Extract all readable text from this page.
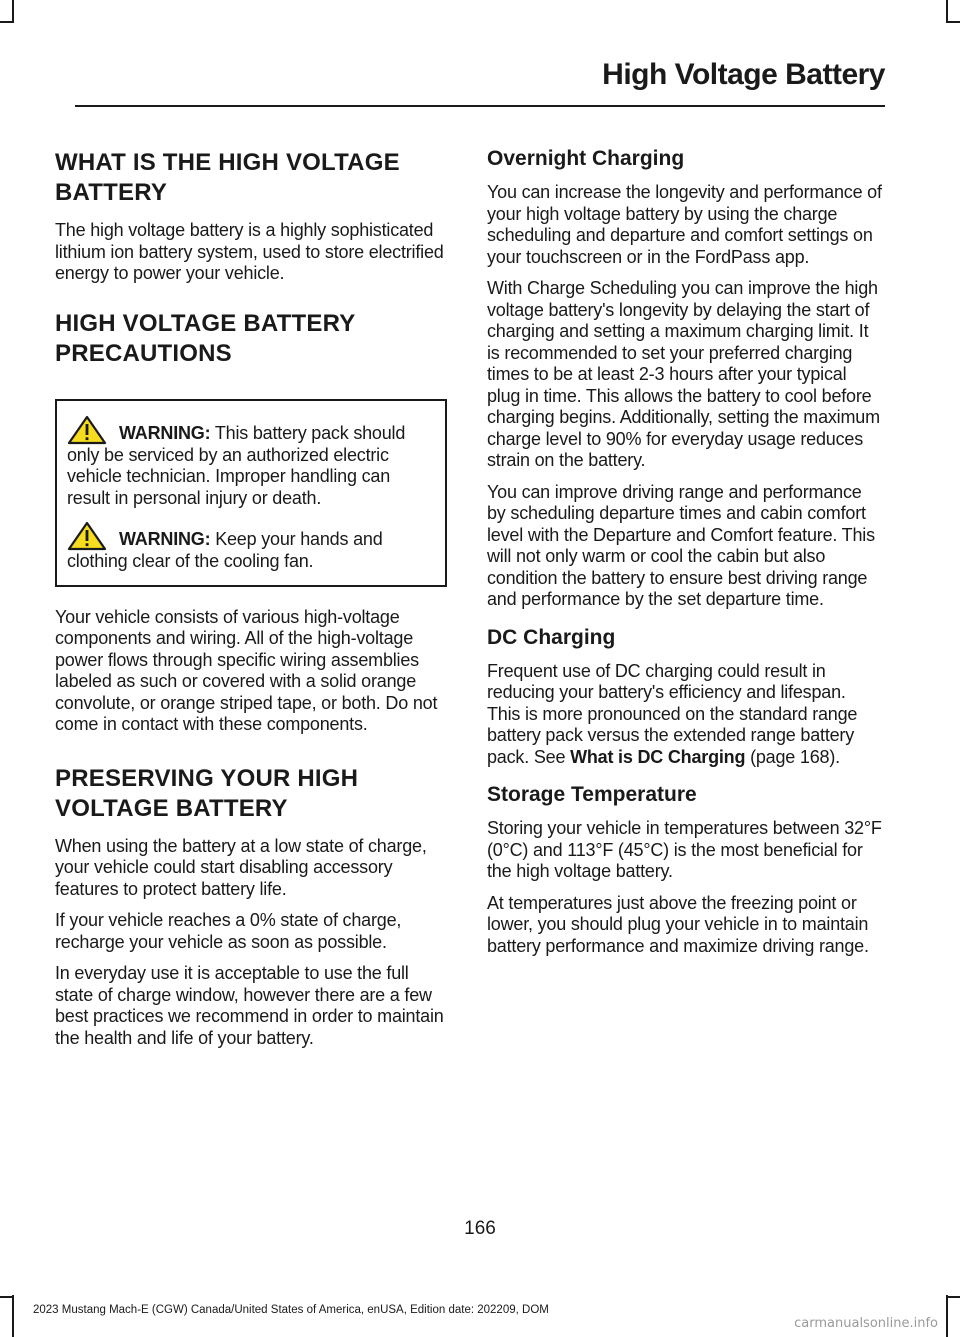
High Voltage Battery
WHAT IS THE HIGH VOLTAGE BATTERY

The high voltage battery is a highly sophisticated lithium ion battery system, used to store electrified energy to power your vehicle.

HIGH VOLTAGE BATTERY PRECAUTIONS

WARNING: This battery pack should only be serviced by an authorized electric vehicle technician. Improper handling can result in personal injury or death.

WARNING: Keep your hands and clothing clear of the cooling fan.

Your vehicle consists of various high-voltage components and wiring. All of the high-voltage power flows through specific wiring assemblies labeled as such or covered with a solid orange convolute, or orange striped tape, or both. Do not come in contact with these components.

PRESERVING YOUR HIGH VOLTAGE BATTERY

When using the battery at a low state of charge, your vehicle could start disabling accessory features to protect battery life.

If your vehicle reaches a 0% state of charge, recharge your vehicle as soon as possible.

In everyday use it is acceptable to use the full state of charge window, however there are a few best practices we recommend in order to maintain the health and life of your battery.

Overnight Charging

You can increase the longevity and performance of your high voltage battery by using the charge scheduling and departure and comfort settings on your touchscreen or in the FordPass app.

With Charge Scheduling you can improve the high voltage battery's longevity by delaying the start of charging and setting a maximum charging limit. It is recommended to set your preferred charging times to be at least 2-3 hours after your typical plug in time. This allows the battery to cool before charging begins. Additionally, setting the maximum charge level to 90% for everyday usage reduces strain on the battery.

You can improve driving range and performance by scheduling departure times and cabin comfort level with the Departure and Comfort feature. This will not only warm or cool the cabin but also condition the battery to ensure best driving range and performance by the set departure time.

DC Charging

Frequent use of DC charging could result in reducing your battery's efficiency and lifespan. This is more pronounced on the standard range battery pack versus the extended range battery pack. See What is DC Charging (page 168).

Storage Temperature

Storing your vehicle in temperatures between 32°F (0°C) and 113°F (45°C) is the most beneficial for the high voltage battery.

At temperatures just above the freezing point or lower, you should plug your vehicle in to maintain battery performance and maximize driving range.

166
2023 Mustang Mach-E (CGW) Canada/United States of America, enUSA, Edition date: 202209, DOM
carmanualsonline.info
